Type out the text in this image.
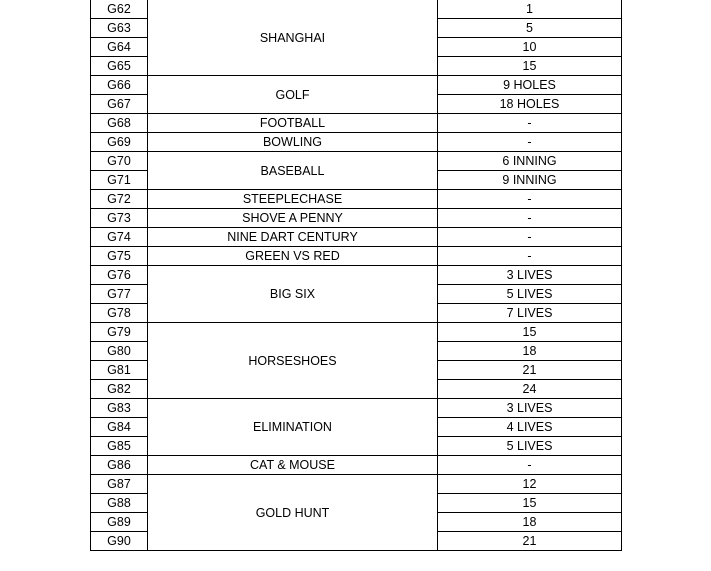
G62	SHANGHAI	1
G63		5
G64		10
G65		15
G66	GOLF	9 HOLES
G67		18 HOLES
G68	FOOTBALL	-
G69	BOWLING	-
G70	BASEBALL	6 INNING
G71		9 INNING
G72	STEEPLECHASE	-
G73	SHOVE A PENNY	-
G74	NINE DART CENTURY	-
G75	GREEN VS RED	-
G76	BIG SIX	3 LIVES
G77		5 LIVES
G78		7 LIVES
G79	HORSESHOES	15
G80		18
G81		21
G82		24
G83	ELIMINATION	3 LIVES
G84		4 LIVES
G85		5 LIVES
G86	CAT & MOUSE	-
G87	GOLD HUNT	12
G88		15
G89		18
G90		21
